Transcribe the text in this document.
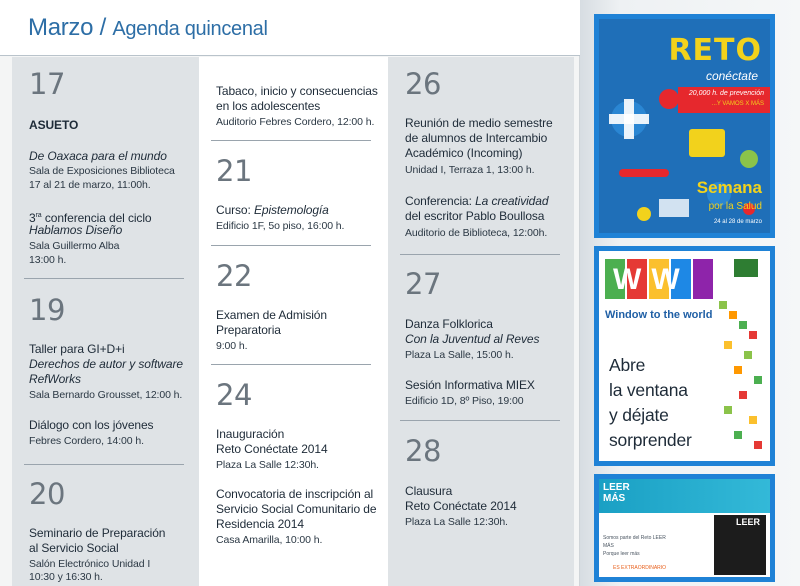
Marzo / Agenda quincenal
17
ASUETO
De Oaxaca para el mundo
Sala de Exposiciones Biblioteca
17 al 21 de marzo, 11:00h.
$3^{ra}$ conferencia del ciclo
Hablamos Diseño
Sala Guillermo Alba
13:00 h.
19
Taller para GI+D+i
Derechos de autor y software
RefWorks
Sala Bernardo Grousset, 12:00 h.
Diálogo con los jóvenes
Febres Cordero, 14:00 h.
20
Seminario de Preparación
al Servicio Social
Salón Electrónico Unidad I
10:30 y 16:30 h.
Tabaco, inicio y consecuencias
en los adolescentes
Auditorio Febres Cordero, 12:00 h.
21
Curso: Epistemología
Edificio 1F, 5o piso, 16:00 h.
22
Examen de Admisión
Preparatoria
9:00 h.
24
Inauguración
Reto Conéctate 2014
Plaza La Salle 12:30h.
Convocatoria de inscripción al
Servicio Social Comunitario de
Residencia 2014
Casa Amarilla, 10:00 h.
26
Reunión de medio semestre
de alumnos de Intercambio
Académico (Incoming)
Unidad I, Terraza 1, 13:00 h.
Conferencia: La creatividad
del escritor Pablo Boullosa
Auditorio de Biblioteca, 12:00h.
27
Danza Folklorica
Con la Juventud al Reves
Plaza La Salle, 15:00 h.
Sesión Informativa MIEX
Edificio 1D, 8º Piso, 19:00
28
Clausura
Reto Conéctate 2014
Plaza La Salle 12:30h.
RETO
conéctate
20,000 h. de prevención
...Y VAMOS X MÁS
Semana
por la Salud
24 al 28 de marzo
WW
Window to the world
Abre
la ventana
y déjate
sorprender
LEER
MÁS
Somos parte del Reto LEER
MÁS
Porque leer más
ES EXTRAORDINARIO
LEER
